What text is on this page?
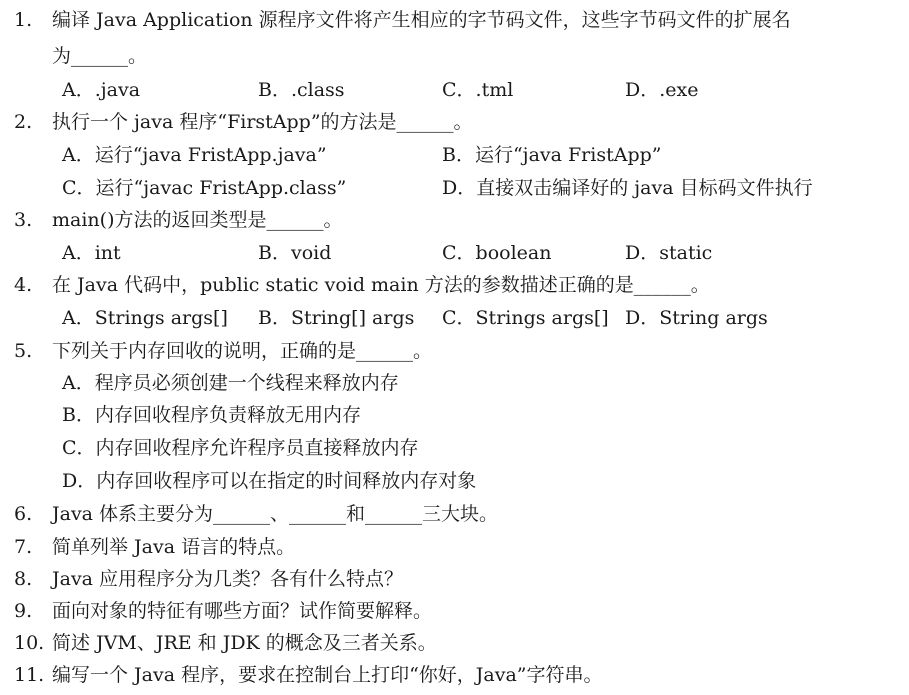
1. 编译 Java Application 源程序文件将产生相应的字节码文件，这些字节码文件的扩展名
为______。
A．.java	B．.class	C．.tml	D．.exe
2. 执行一个 java 程序“FirstApp”的方法是______。
A．运行“java FristApp.java”	B．运行“java FristApp”
C．运行“javac FristApp.class”	D．直接双击编译好的 java 目标码文件执行
3. main()方法的返回类型是______。
A．int	B．void	C．boolean	D．static
4. 在 Java 代码中，public static void main 方法的参数描述正确的是______。
A．Strings args[] B．String[] args C．Strings args[] D．String args
5. 下列关于内存回收的说明，正确的是______。
A．程序员必须创建一个线程来释放内存
B．内存回收程序负责释放无用内存
C．内存回收程序允许程序员直接释放内存
D．内存回收程序可以在指定的时间释放内存对象
6. Java 体系主要分为______、______和______三大块。
7. 简单列举 Java 语言的特点。
8. Java 应用程序分为几类？各有什么特点？
9. 面向对象的特征有哪些方面？试作简要解释。
10. 简述 JVM、JRE 和 JDK 的概念及三者关系。
11. 编写一个 Java 程序，要求在控制台上打印“你好，Java”字符串。
